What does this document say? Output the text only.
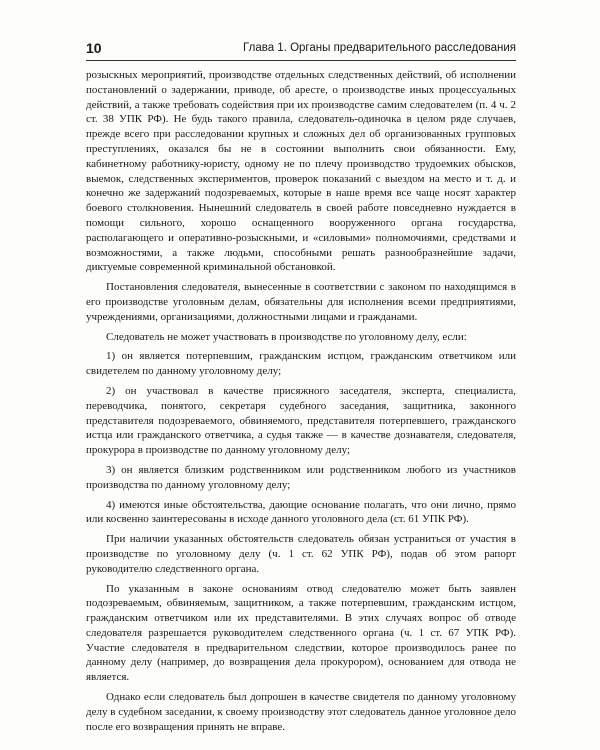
10	Глава 1. Органы предварительного расследования

розыскных мероприятий, производстве отдельных следственных действий, об исполнении постановлений о задержании, приводе, об аресте, о производстве иных процессуальных действий, а также требовать содействия при их производстве самим следователем (п. 4 ч. 2 ст. 38 УПК РФ). Не будь такого правила, следователь-одиночка в целом ряде случаев, прежде всего при расследовании крупных и сложных дел об организованных групповых преступлениях, оказался бы не в состоянии выполнить свои обязанности. Ему, кабинетному работнику-юристу, одному не по плечу производство трудоемких обысков, выемок, следственных экспериментов, проверок показаний с выездом на место и т. д. и конечно же задержаний подозреваемых, которые в наше время все чаще носят характер боевого столкновения. Нынешний следователь в своей работе повседневно нуждается в помощи сильного, хорошо оснащенного вооруженного органа государства, располагающего и оперативно-розыскными, и «силовыми» полномочиями, средствами и возможностями, а также людьми, способными решать разнообразнейшие задачи, диктуемые современной криминальной обстановкой.

Постановления следователя, вынесенные в соответствии с законом по находящимся в его производстве уголовным делам, обязательны для исполнения всеми предприятиями, учреждениями, организациями, должностными лицами и гражданами.

Следователь не может участвовать в производстве по уголовному делу, если:

1) он является потерпевшим, гражданским истцом, гражданским ответчиком или свидетелем по данному уголовному делу;

2) он участвовал в качестве присяжного заседателя, эксперта, специалиста, переводчика, понятого, секретаря судебного заседания, защитника, законного представителя подозреваемого, обвиняемого, представителя потерпевшего, гражданского истца или гражданского ответчика, а судья также — в качестве дознавателя, следователя, прокурора в производстве по данному уголовному делу;

3) он является близким родственником или родственником любого из участников производства по данному уголовному делу;

4) имеются иные обстоятельства, дающие основание полагать, что они лично, прямо или косвенно заинтересованы в исходе данного уголовного дела (ст. 61 УПК РФ).

При наличии указанных обстоятельств следователь обязан устраниться от участия в производстве по уголовному делу (ч. 1 ст. 62 УПК РФ), подав об этом рапорт руководителю следственного органа.

По указанным в законе основаниям отвод следователю может быть заявлен подозреваемым, обвиняемым, защитником, а также потерпевшим, гражданским истцом, гражданским ответчиком или их представителями. В этих случаях вопрос об отводе следователя разрешается руководителем следственного органа (ч. 1 ст. 67 УПК РФ). Участие следователя в предварительном следствии, которое производилось ранее по данному делу (например, до возвращения дела прокурором), основанием для отвода не является.

Однако если следователь был допрошен в качестве свидетеля по данному уголовному делу в судебном заседании, к своему производству этот следователь данное уголовное дело после его возвращения принять не вправе.
